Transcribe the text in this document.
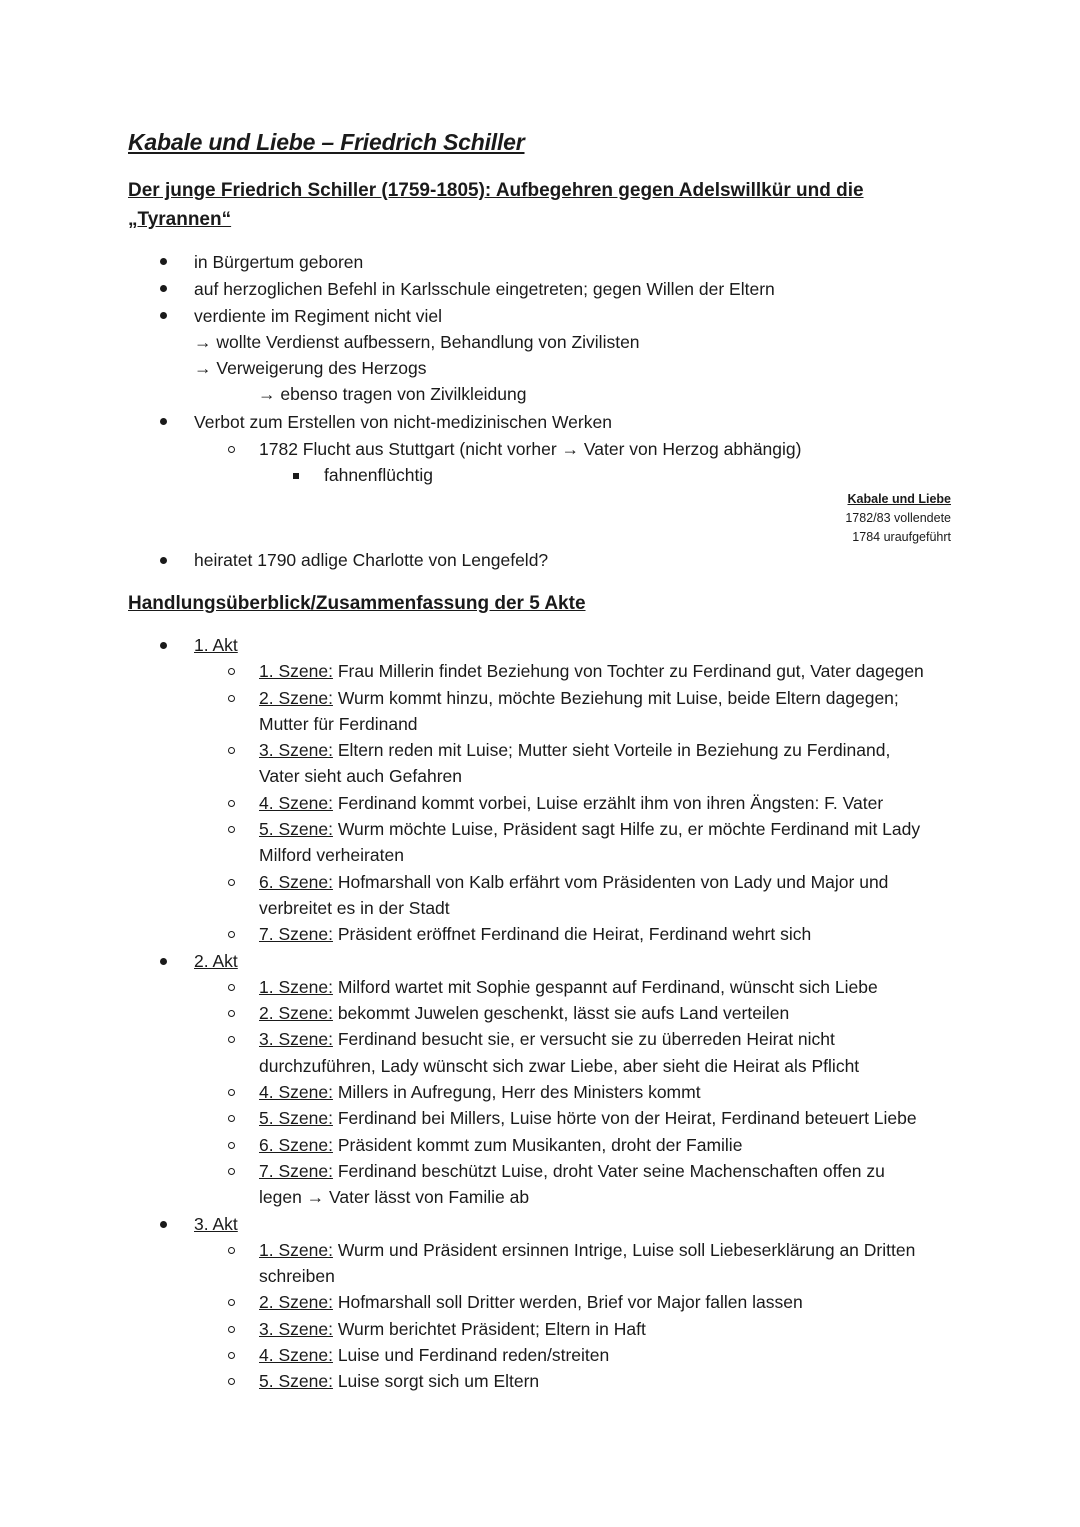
Kabale und Liebe – Friedrich Schiller
Der junge Friedrich Schiller (1759-1805): Aufbegehren gegen Adelswillkür und die
„Tyrannen“
in Bürgertum geboren
auf herzoglichen Befehl in Karlsschule eingetreten; gegen Willen der Eltern
verdiente im Regiment nicht viel
→ wollte Verdienst aufbessern, Behandlung von Zivilisten
→ Verweigerung des Herzogs
→ ebenso tragen von Zivilkleidung
Verbot zum Erstellen von nicht-medizinischen Werken
1782 Flucht aus Stuttgart (nicht vorher → Vater von Herzog abhängig)
fahnenflüchtig
Kabale und Liebe
1782/83 vollendete
1784 uraufgeführt
heiratet 1790 adlige Charlotte von Lengefeld?
Handlungsüberblick/Zusammenfassung der 5 Akte
1. Akt
1. Szene: Frau Millerin findet Beziehung von Tochter zu Ferdinand gut, Vater dagegen
2. Szene: Wurm kommt hinzu, möchte Beziehung mit Luise, beide Eltern dagegen;
Mutter für Ferdinand
3. Szene: Eltern reden mit Luise; Mutter sieht Vorteile in Beziehung zu Ferdinand,
Vater sieht auch Gefahren
4. Szene: Ferdinand kommt vorbei, Luise erzählt ihm von ihren Ängsten: F. Vater
5. Szene: Wurm möchte Luise, Präsident sagt Hilfe zu, er möchte Ferdinand mit Lady
Milford verheiraten
6. Szene: Hofmarshall von Kalb erfährt vom Präsidenten von Lady und Major und
verbreitet es in der Stadt
7. Szene: Präsident eröffnet Ferdinand die Heirat, Ferdinand wehrt sich
2. Akt
1. Szene: Milford wartet mit Sophie gespannt auf Ferdinand, wünscht sich Liebe
2. Szene: bekommt Juwelen geschenkt, lässt sie aufs Land verteilen
3. Szene: Ferdinand besucht sie, er versucht sie zu überreden Heirat nicht
durchzuführen, Lady wünscht sich zwar Liebe, aber sieht die Heirat als Pflicht
4. Szene: Millers in Aufregung, Herr des Ministers kommt
5. Szene: Ferdinand bei Millers, Luise hörte von der Heirat, Ferdinand beteuert Liebe
6. Szene: Präsident kommt zum Musikanten, droht der Familie
7. Szene: Ferdinand beschützt Luise, droht Vater seine Machenschaften offen zu
legen → Vater lässt von Familie ab
3. Akt
1. Szene: Wurm und Präsident ersinnen Intrige, Luise soll Liebeserklärung an Dritten
schreiben
2. Szene: Hofmarshall soll Dritter werden, Brief vor Major fallen lassen
3. Szene: Wurm berichtet Präsident; Eltern in Haft
4. Szene: Luise und Ferdinand reden/streiten
5. Szene: Luise sorgt sich um Eltern
